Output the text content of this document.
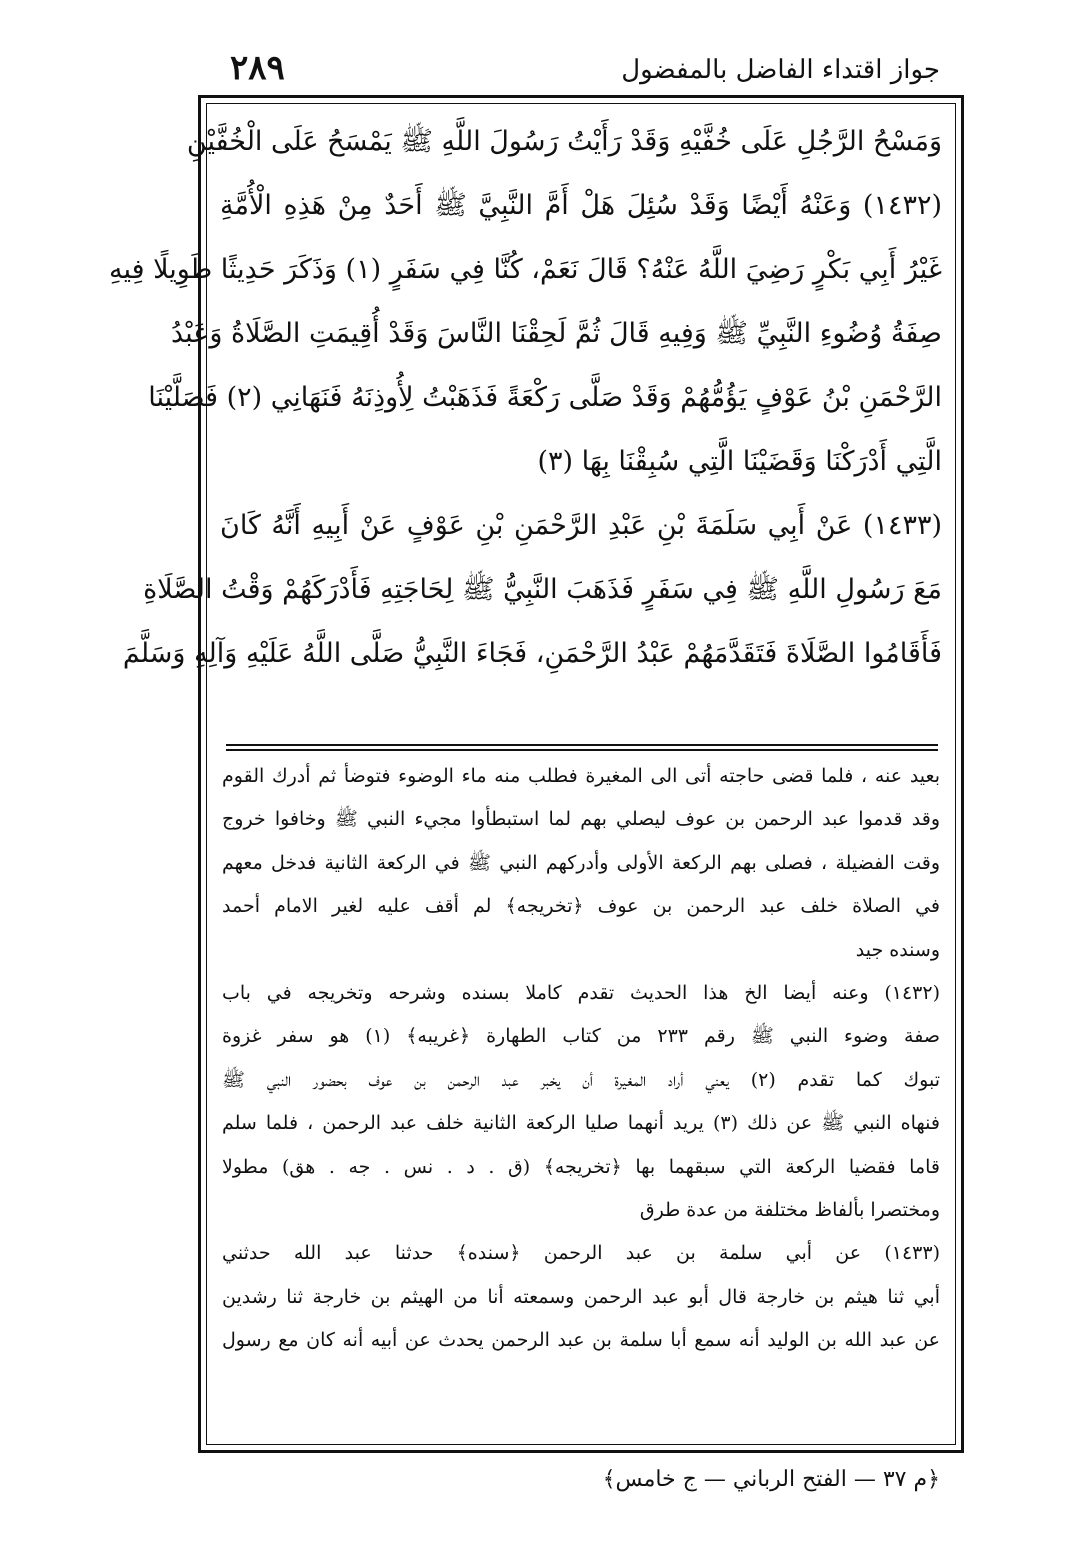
٢٨٩	جواز اقتداء الفاضل بالمفضول
وَمَسْحُ الرَّجُلِ عَلَى خُفَّيْهِ وَقَدْ رَأَيْتُ رَسُولَ اللَّهِ ﷺ يَمْسَحُ عَلَى الْخُفَّيْنِ
(١٤٣٢) وَعَنْهُ أَيْضًا وَقَدْ سُئِلَ هَلْ أَمَّ النَّبِيَّ ﷺ أَحَدٌ مِنْ هَذِهِ الْأُمَّةِ
غَيْرُ أَبِي بَكْرٍ رَضِيَ اللَّهُ عَنْهُ؟ قَالَ نَعَمْ، كُنَّا فِي سَفَرٍ (١) وَذَكَرَ حَدِيثًا طَوِيلًا فِيهِ
صِفَةُ وُضُوءِ النَّبِيِّ ﷺ وَفِيهِ قَالَ ثُمَّ لَحِقْنَا النَّاسَ وَقَدْ أُقِيمَتِ الصَّلَاةُ وَعَبْدُ
الرَّحْمَنِ بْنُ عَوْفٍ يَؤُمُّهُمْ وَقَدْ صَلَّى رَكْعَةً فَذَهَبْتُ لِأُوذِنَهُ فَنَهَانِي (٢) فَصَلَّيْنَا
الَّتِي أَدْرَكْنَا وَقَضَيْنَا الَّتِي سُبِقْنَا بِهَا (٣)
(١٤٣٣) عَنْ أَبِي سَلَمَةَ بْنِ عَبْدِ الرَّحْمَنِ بْنِ عَوْفٍ عَنْ أَبِيهِ أَنَّهُ كَانَ
مَعَ رَسُولِ اللَّهِ ﷺ فِي سَفَرٍ فَذَهَبَ النَّبِيُّ ﷺ لِحَاجَتِهِ فَأَدْرَكَهُمْ وَقْتُ الصَّلَاةِ
فَأَقَامُوا الصَّلَاةَ فَتَقَدَّمَهُمْ عَبْدُ الرَّحْمَنِ، فَجَاءَ النَّبِيُّ صَلَّى اللَّهُ عَلَيْهِ وَآلِهِ وَسَلَّمَ
بعيد عنه ، فلما قضى حاجته أتى الى المغيرة فطلب منه ماء الوضوء فتوضأ ثم أدرك القوم
وقد قدموا عبد الرحمن بن عوف ليصلي بهم لما استبطأوا مجيء النبي ﷺ وخافوا خروج
وقت الفضيلة ، فصلى بهم الركعة الأولى وأدركهم النبي ﷺ في الركعة الثانية فدخل معهم
في الصلاة خلف عبد الرحمن بن عوف ﴿تخريجه﴾ لم أقف عليه لغير الامام أحمد
وسنده جيد
(١٤٣٢) وعنه أيضا الخ هذا الحديث تقدم كاملا بسنده وشرحه وتخريجه في باب
صفة وضوء النبي ﷺ رقم ٢٣٣ من كتاب الطهارة ﴿غريبه﴾ (١) هو سفر غزوة
تبوك كما تقدم (٢) يعني أراد المغيرة أن يخبر عبد الرحمن بن عوف بحضور النبي ﷺ
فنهاه النبي ﷺ عن ذلك (٣) يريد أنهما صليا الركعة الثانية خلف عبد الرحمن ، فلما سلم
قاما فقضيا الركعة التي سبقهما بها ﴿تخريجه﴾ (ق . د . نس . جه . هق) مطولا
ومختصرا بألفاظ مختلفة من عدة طرق
(١٤٣٣) عن أبي سلمة بن عبد الرحمن ﴿سنده﴾ حدثنا عبد الله حدثني
أبي ثنا هيثم بن خارجة قال أبو عبد الرحمن وسمعته أنا من الهيثم بن خارجة ثنا رشدين
عن عبد الله بن الوليد أنه سمع أبا سلمة بن عبد الرحمن يحدث عن أبيه أنه كان مع رسول
﴿م ٣٧ — الفتح الرباني — ج خامس﴾
